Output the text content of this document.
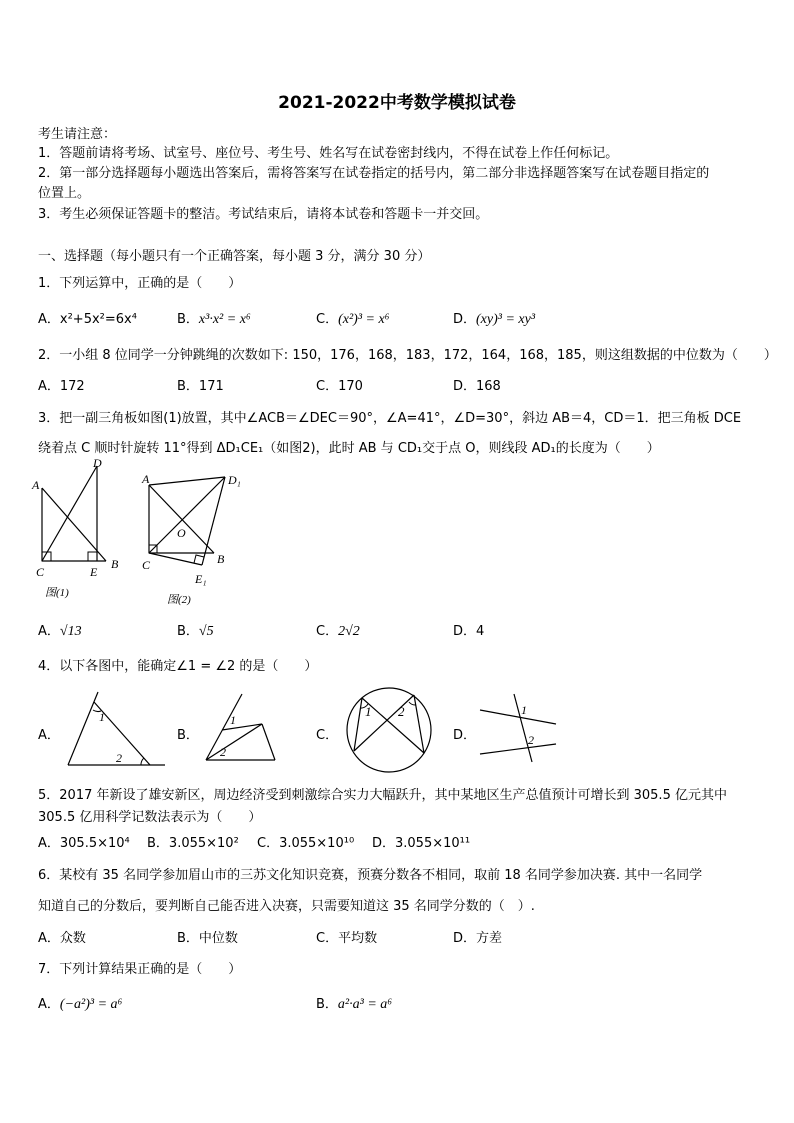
2021-2022中考数学模拟试卷
考生请注意：
1．答题前请将考场、试室号、座位号、考生号、姓名写在试卷密封线内，不得在试卷上作任何标记。
2．第一部分选择题每小题选出答案后，需将答案写在试卷指定的括号内，第二部分非选择题答案写在试卷题目指定的
位置上。
3．考生必须保证答题卡的整洁。考试结束后，请将本试卷和答题卡一并交回。
一、选择题（每小题只有一个正确答案，每小题 3 分，满分 30 分）
1．下列运算中，正确的是（　　）
A．x²+5x²=6x⁴	B．x³·x² = x⁶	C．(x²)³ = x⁶	D．(xy)³ = xy³
2．一小组 8 位同学一分钟跳绳的次数如下: 150，176，168，183，172，164，168，185，则这组数据的中位数为（　　）
A．172	B．171	C．170	D．168
3．把一副三角板如图(1)放置，其中∠ACB＝∠DEC＝90°，∠A=41°，∠D=30°，斜边 AB＝4，CD＝1．把三角板 DCE
绕着点 C 顺时针旋转 11°得到 ΔD₁CE₁（如图2)，此时 AB 与 CD₁交于点 O，则线段 AD₁的长度为（　　）
A
D
C	E
B
图(1)
A	D₁
O
C	B
E₁
图(2)
A．√13	B．√5	C．2√2	D．4
4．以下各图中，能确定∠1 = ∠2 的是（　　）
A．
1
2
B．
1
2
C．
1 2
D．
1
2
5．2017 年新设了雄安新区，周边经济受到刺激综合实力大幅跃升，其中某地区生产总值预计可增长到 305.5 亿元其中
305.5 亿用科学记数法表示为（　　）
A．305.5×10⁴ B．3.055×10² C．3.055×10¹⁰ D．3.055×10¹¹
6．某校有 35 名同学参加眉山市的三苏文化知识竞赛，预赛分数各不相同，取前 18 名同学参加决赛. 其中一名同学
知道自己的分数后，要判断自己能否进入决赛，只需要知道这 35 名同学分数的（　）.
A．众数	B．中位数	C．平均数	D．方差
7．下列计算结果正确的是（　　）
A．(−a²)³ = a⁶	B．a²·a³ = a⁶
